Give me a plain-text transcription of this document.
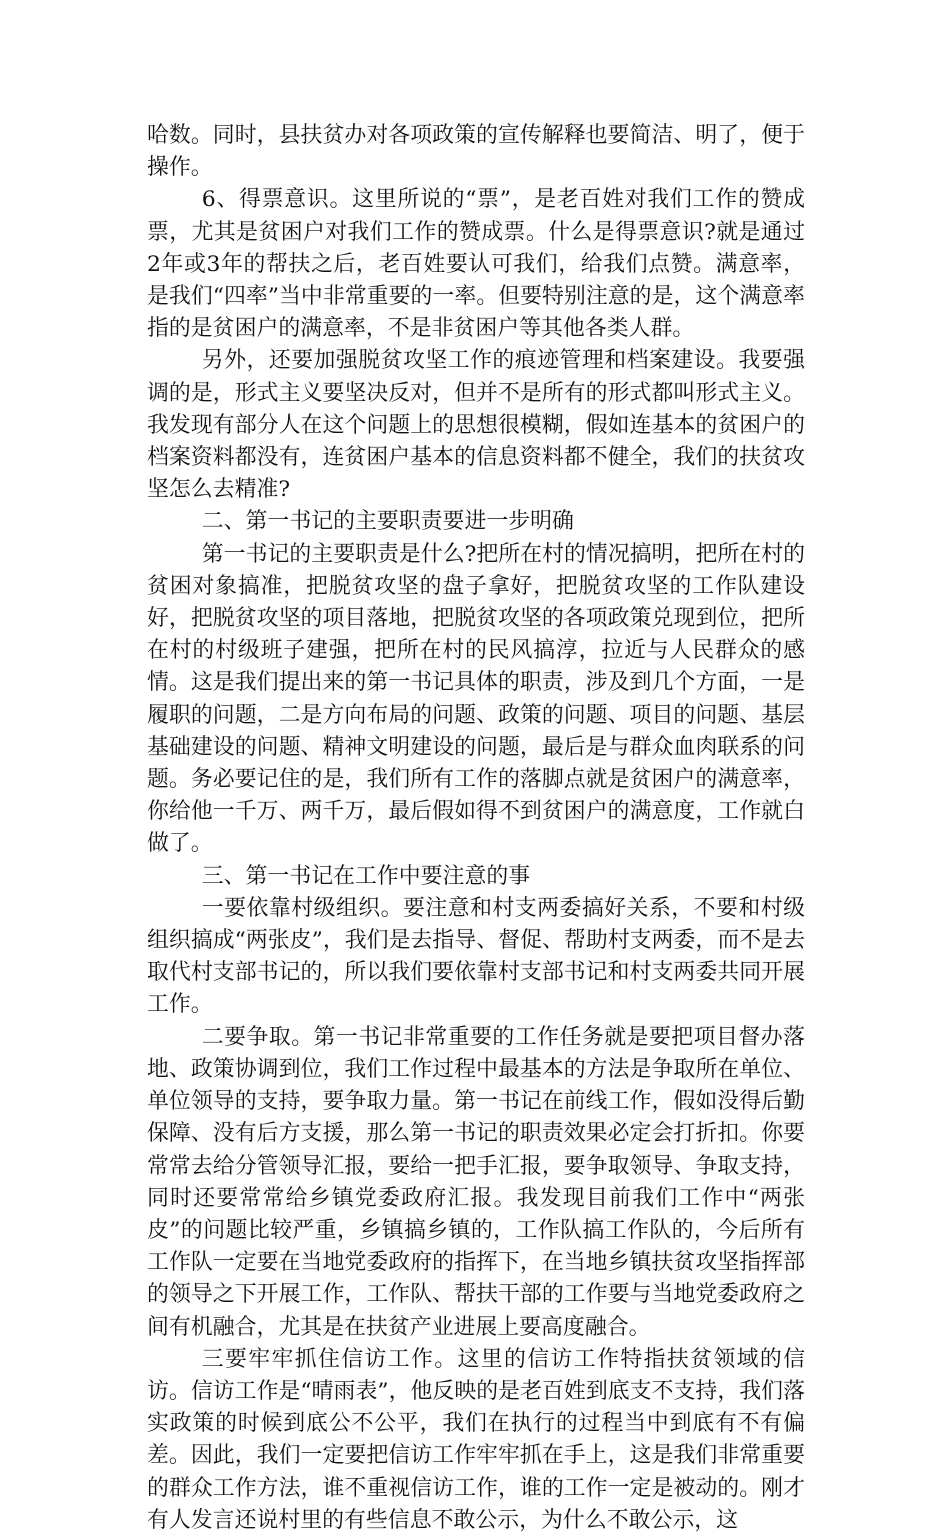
哈数。同时，县扶贫办对各项政策的宣传解释也要简洁、明了，便于操作。

6、得票意识。这里所说的“票”，是老百姓对我们工作的赞成票，尤其是贫困户对我们工作的赞成票。什么是得票意识?就是通过2年或3年的帮扶之后，老百姓要认可我们，给我们点赞。满意率，是我们“四率”当中非常重要的一率。但要特别注意的是，这个满意率指的是贫困户的满意率，不是非贫困户等其他各类人群。

另外，还要加强脱贫攻坚工作的痕迹管理和档案建设。我要强调的是，形式主义要坚决反对，但并不是所有的形式都叫形式主义。我发现有部分人在这个问题上的思想很模糊，假如连基本的贫困户的档案资料都没有，连贫困户基本的信息资料都不健全，我们的扶贫攻坚怎么去精准?

二、第一书记的主要职责要进一步明确

第一书记的主要职责是什么?把所在村的情况搞明，把所在村的贫困对象搞准，把脱贫攻坚的盘子拿好，把脱贫攻坚的工作队建设好，把脱贫攻坚的项目落地，把脱贫攻坚的各项政策兑现到位，把所在村的村级班子建强，把所在村的民风搞淳，拉近与人民群众的感情。这是我们提出来的第一书记具体的职责，涉及到几个方面，一是履职的问题，二是方向布局的问题、政策的问题、项目的问题、基层基础建设的问题、精神文明建设的问题，最后是与群众血肉联系的问题。务必要记住的是，我们所有工作的落脚点就是贫困户的满意率，你给他一千万、两千万，最后假如得不到贫困户的满意度，工作就白做了。

三、第一书记在工作中要注意的事

一要依靠村级组织。要注意和村支两委搞好关系，不要和村级组织搞成“两张皮”，我们是去指导、督促、帮助村支两委，而不是去取代村支部书记的，所以我们要依靠村支部书记和村支两委共同开展工作。

二要争取。第一书记非常重要的工作任务就是要把项目督办落地、政策协调到位，我们工作过程中最基本的方法是争取所在单位、单位领导的支持，要争取力量。第一书记在前线工作，假如没得后勤保障、没有后方支援，那么第一书记的职责效果必定会打折扣。你要常常去给分管领导汇报，要给一把手汇报，要争取领导、争取支持，同时还要常常给乡镇党委政府汇报。我发现目前我们工作中“两张皮”的问题比较严重，乡镇搞乡镇的，工作队搞工作队的，今后所有工作队一定要在当地党委政府的指挥下，在当地乡镇扶贫攻坚指挥部的领导之下开展工作，工作队、帮扶干部的工作要与当地党委政府之间有机融合，尤其是在扶贫产业进展上要高度融合。

三要牢牢抓住信访工作。这里的信访工作特指扶贫领域的信访。信访工作是“晴雨表”，他反映的是老百姓到底支不支持，我们落实政策的时候到底公不公平，我们在执行的过程当中到底有不有偏差。因此，我们一定要把信访工作牢牢抓在手上，这是我们非常重要的群众工作方法，谁不重视信访工作，谁的工作一定是被动的。刚才有人发言还说村里的有些信息不敢公示，为什么不敢公示，这
